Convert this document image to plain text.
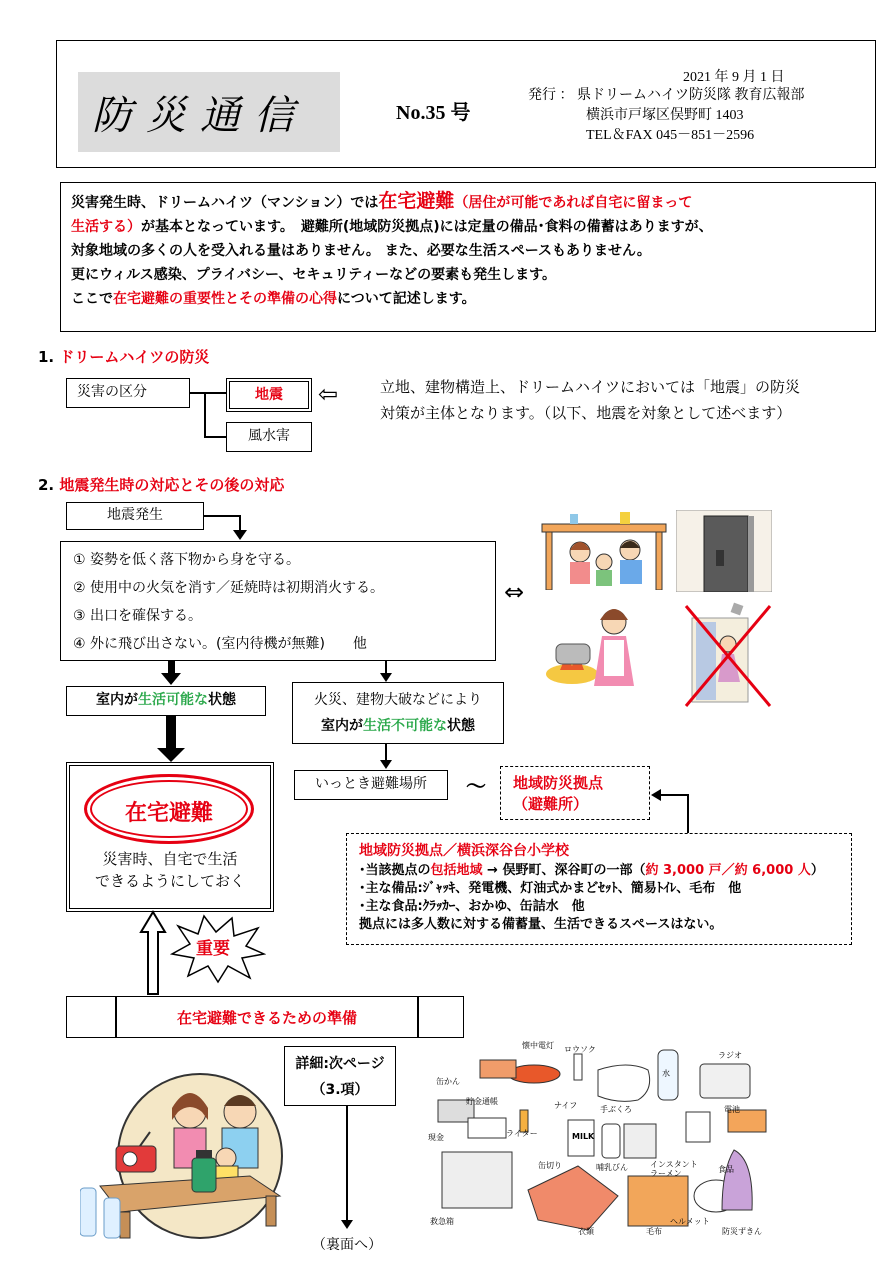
防災通信	No.35 号
2021 年 9 月 1 日
発行 ： 県ドリームハイツ防災隊 教育広報部
横浜市戸塚区俣野町 1403
TEL＆FAX 045－851－2596
災害発生時、ドリームハイツ（マンション）では在宅避難（居住が可能であれば自宅に留まって
生活する）が基本となっています。　避難所(地域防災拠点)には定量の備品･食料の備蓄はありますが、
対象地域の多くの人を受入れる量はありません。 また、必要な生活スペースもありません。
更にウィルス感染、プライバシー、セキュリティーなどの要素も発生します。
ここで在宅避難の重要性とその準備の心得について記述します。
1. ドリームハイツの防災
災害の区分	地震
風水害
⇦	立地、建物構造上、ドリームハイツにおいては「地震」の防災
対策が主体となります。（以下、地震を対象として述べます）
2. 地震発生時の対応とその後の対応
地震発生
① 姿勢を低く落下物から身を守る。
② 使用中の火気を消す／延焼時は初期消火する。
③ 出口を確保する。
④ 外に飛び出さない。(室内待機が無難)　　他
⇔
室内が生活可能な状態	火災、建物大破などにより
室内が生活不可能な状態
いっとき避難場所	～ 地域防災拠点
（避難所）
在宅避難
災害時、自宅で生活
できるようにしておく
地域防災拠点／横浜深谷台小学校
･当該拠点の包括地域 → 俣野町、深谷町の一部（約 3,000 戸／約 6,000 人）
･主な備品:ｼﾞｬｯｷ、発電機、灯油式かまどｾｯﾄ、簡易ﾄｲﾚ、毛布　他
･主な食品:ｸﾗｯｶｰ、おかゆ、缶詰水　他
拠点には多人数に対する備蓄量、生活できるスペースはない。
重要
在宅避難できるための準備
詳細:次ページ
（3.項）
（裏面へ）
懐中電灯 ロウソク
ラジオ
缶かん
貯金通帳	ナイフ	手ぶくろ	電池
ライター
現金
缶切り	食品
哺乳びん	インスタント ラーメン
救急箱
衣類	毛布
ヘルメット
防災ずきん
MILK
水
